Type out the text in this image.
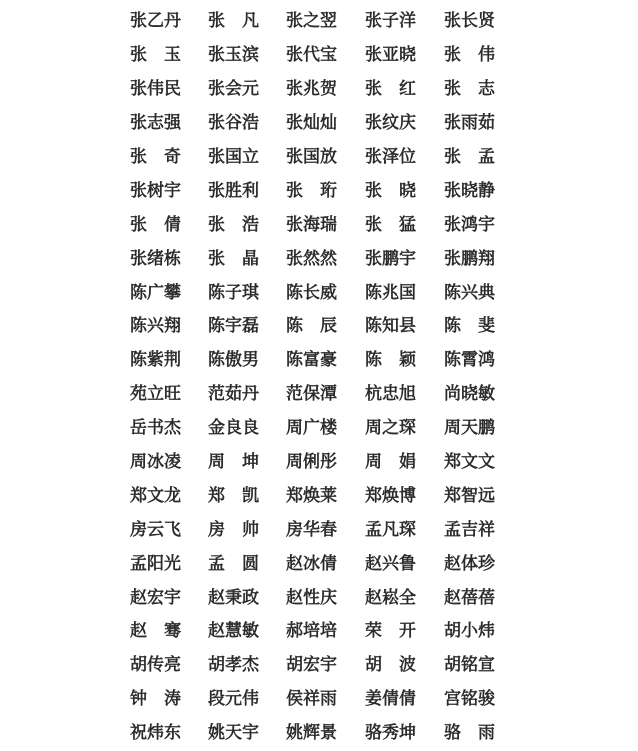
张 乙 丹 张 凡 张 之 翌 张 子 洋 张 长 贤
张 玉 张 玉 滨 张 代 宝 张 亚 晓 张 伟
张 伟 民 张 会 元 张 兆 贺 张 红 张 志
张 志 强 张 谷 浩 张 灿 灿 张 纹 庆 张 雨 茹
张 奇 张 国 立 张 国 放 张 泽 位 张 孟
张 树 宇 张 胜 利 张 珩 张 晓 张 晓 静
张 倩 张 浩 张 海 瑞 张 猛 张 鸿 宇
张 绪 栋 张 晶 张 然 然 张 鹏 宇 张 鹏 翔
陈 广 攀 陈 子 琪 陈 长 威 陈 兆 国 陈 兴 典
陈 兴 翔 陈 宇 磊 陈 辰 陈 知 县 陈 斐
陈 紫 荆 陈 傲 男 陈 富 豪 陈 颖 陈 霄 鸿
苑 立 旺 范 茹 丹 范 保 潭 杭 忠 旭 尚 晓 敏
岳 书 杰 金 良 良 周 广 楼 周 之 琛 周 天 鹏
周 冰 凌 周 坤 周 俐 彤 周 娟 郑 文 文
郑 文 龙 郑 凯 郑 焕 莱 郑 焕 博 郑 智 远
房 云 飞 房 帅 房 华 春 孟 凡 琛 孟 吉 祥
孟 阳 光 孟 圆 赵 冰 倩 赵 兴 鲁 赵 体 珍
赵 宏 宇 赵 秉 政 赵 性 庆 赵 崧 全 赵 蓓 蓓
赵 骞 赵 慧 敏 郝 培 培 荣 开 胡 小 炜
胡 传 亮 胡 孝 杰 胡 宏 宇 胡 波 胡 铭 宣
钟 涛 段 元 伟 侯 祥 雨 姜 倩 倩 宫 铭 骏
祝 炜 东 姚 天 宇 姚 辉 景 骆 秀 坤 骆 雨
